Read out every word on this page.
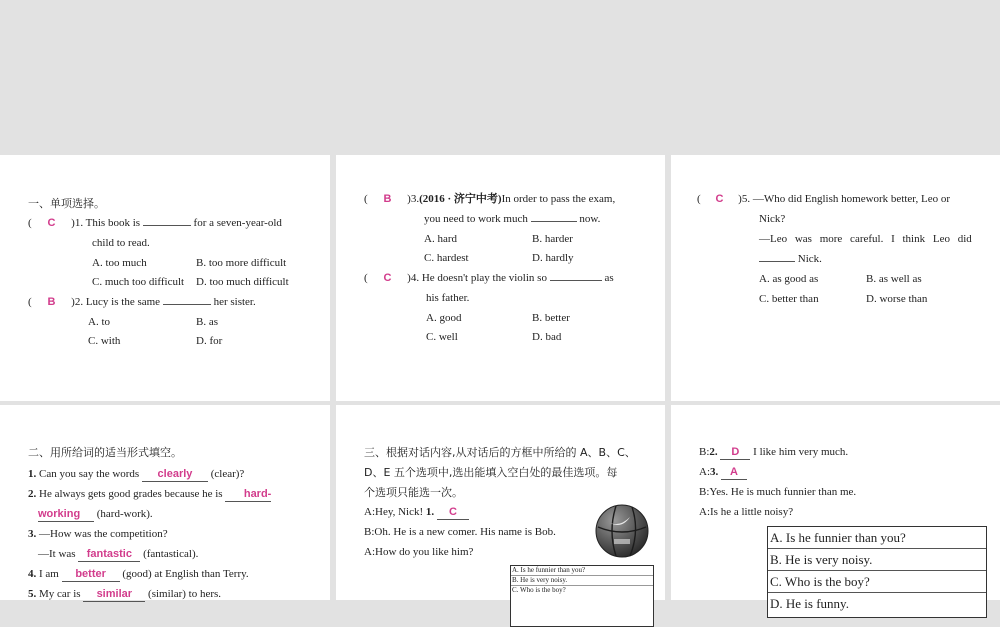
一、单项选择。
( C )1. This book is	for a seven-year-old
child to read.
A. too much	B. too more difficult
C. much too difficult D. too much difficult
( B )2. Lucy is the same	her sister.
A. to	B. as
C. with	D. for
( B )3.(2016 · 济宁中考)In order to pass the exam,
you need to work much	now.
A. hard	B. harder
C. hardest	D. hardly
( C )4. He doesn't play the violin so	as
his father.
A. good	B. better
C. well	D. bad
( C )5. —Who did English homework better, Leo or
Nick?
—Leo was more careful. I think Leo did
Nick.
A. as good as	B. as well as
C. better than	D. worse than
二、用所给词的适当形式填空。
1. Can you say the words clearly (clear)?
2. He always gets good grades because he is hard-
working (hard-work).
3. —How was the competition?
—It was fantastic (fantastical).
4. I am better (good) at English than Terry.
5. My car is similar (similar) to hers.
三、根据对话内容,从对话后的方框中所给的 A、B、C、
D、E 五个选项中,选出能填入空白处的最佳选项。每
个选项只能选一次。
A:Hey, Nick! 1. C
B:Oh. He is a new comer. His name is Bob.
A:How do you like him?
A. Is he funnier than you?
B. He is very noisy.
C. Who is the boy?
B:2. D I like him very much.
A:3. A
B:Yes. He is much funnier than me.
A:Is he a little noisy?
A. Is he funnier than you?
B. He is very noisy.
C. Who is the boy?
D. He is funny.
